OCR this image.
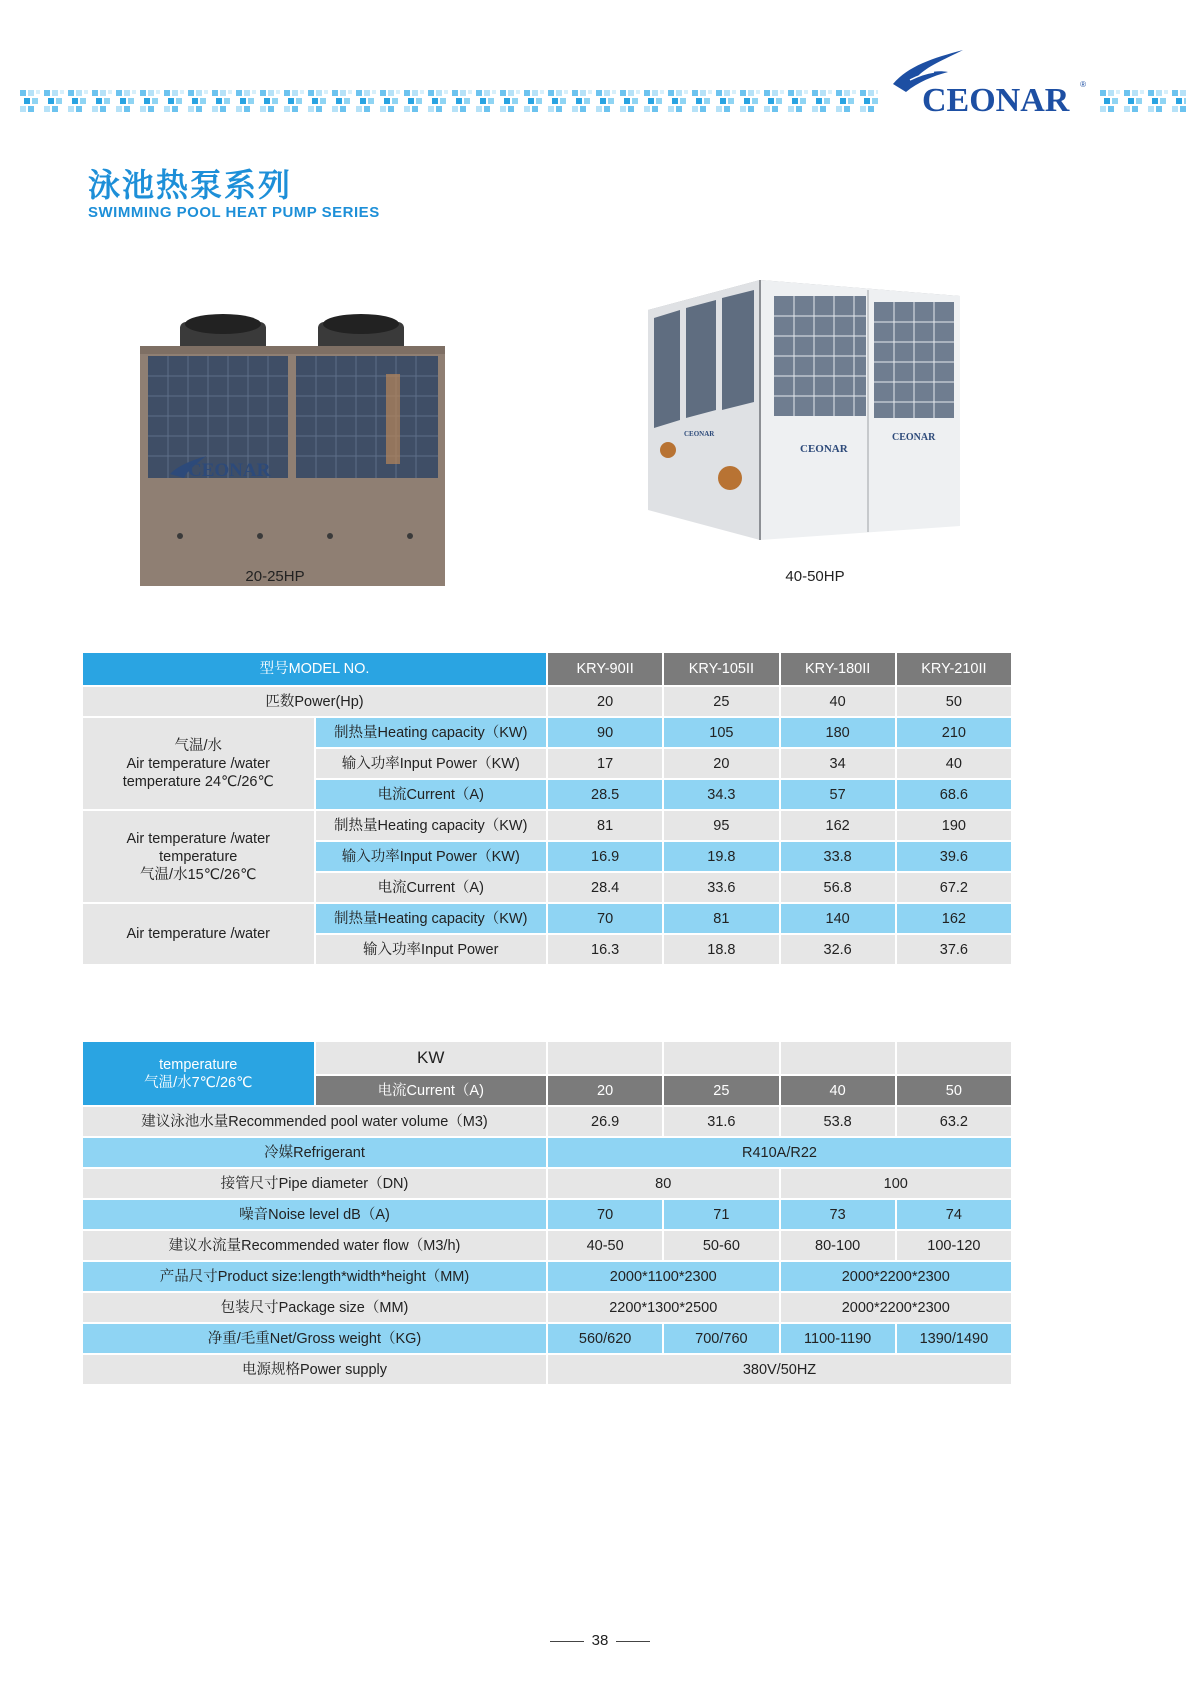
CEONAR ®
泳池热泵系列
SWIMMING POOL HEAT PUMP SERIES
CEONAR
20-25HP
CEONAR
CEONAR
CEONAR
40-50HP
型号MODEL NO.		KRY-90II	KRY-105II	KRY-180II	KRY-210II
匹数Power(Hp)		20	25	40	50

气温/水
Air temperature /water
temperature 24℃/26℃	制热量Heating capacity（KW)	90	105	180	210
	输入功率Input Power（KW)	17	20	34	40
	电流Current（A)	28.5	34.3	57	68.6

Air temperature /water
temperature
气温/水15℃/26℃	制热量Heating capacity（KW)	81	95	162	190
	输入功率Input Power（KW)	16.9	19.8	33.8	39.6
	电流Current（A)	28.4	33.6	56.8	67.2

Air temperature /water	制热量Heating capacity（KW)	70	81	140	162
	输入功率Input Power	16.3	18.8	32.6	37.6
temperature
气温/水7℃/26℃	KW				
	电流Current（A)	20	25	40	50
建议泳池水量Recommended pool water volume（M3)		26.9	31.6	53.8	63.2
冷媒Refrigerant		R410A/R22			
接管尺寸Pipe diameter（DN)		80		100	
噪音Noise level dB（A)		70	71	73	74
建议水流量Recommended water flow（M3/h)		40-50	50-60	80-100	100-120
产品尺寸Product size:length*width*height（MM)		2000*1100*2300		2000*2200*2300	
包装尺寸Package size（MM)		2200*1300*2500		2000*2200*2300	
净重/毛重Net/Gross weight（KG)		560/620	700/760	1100-1190	1390/1490
电源规格Power supply		380V/50HZ			
38
